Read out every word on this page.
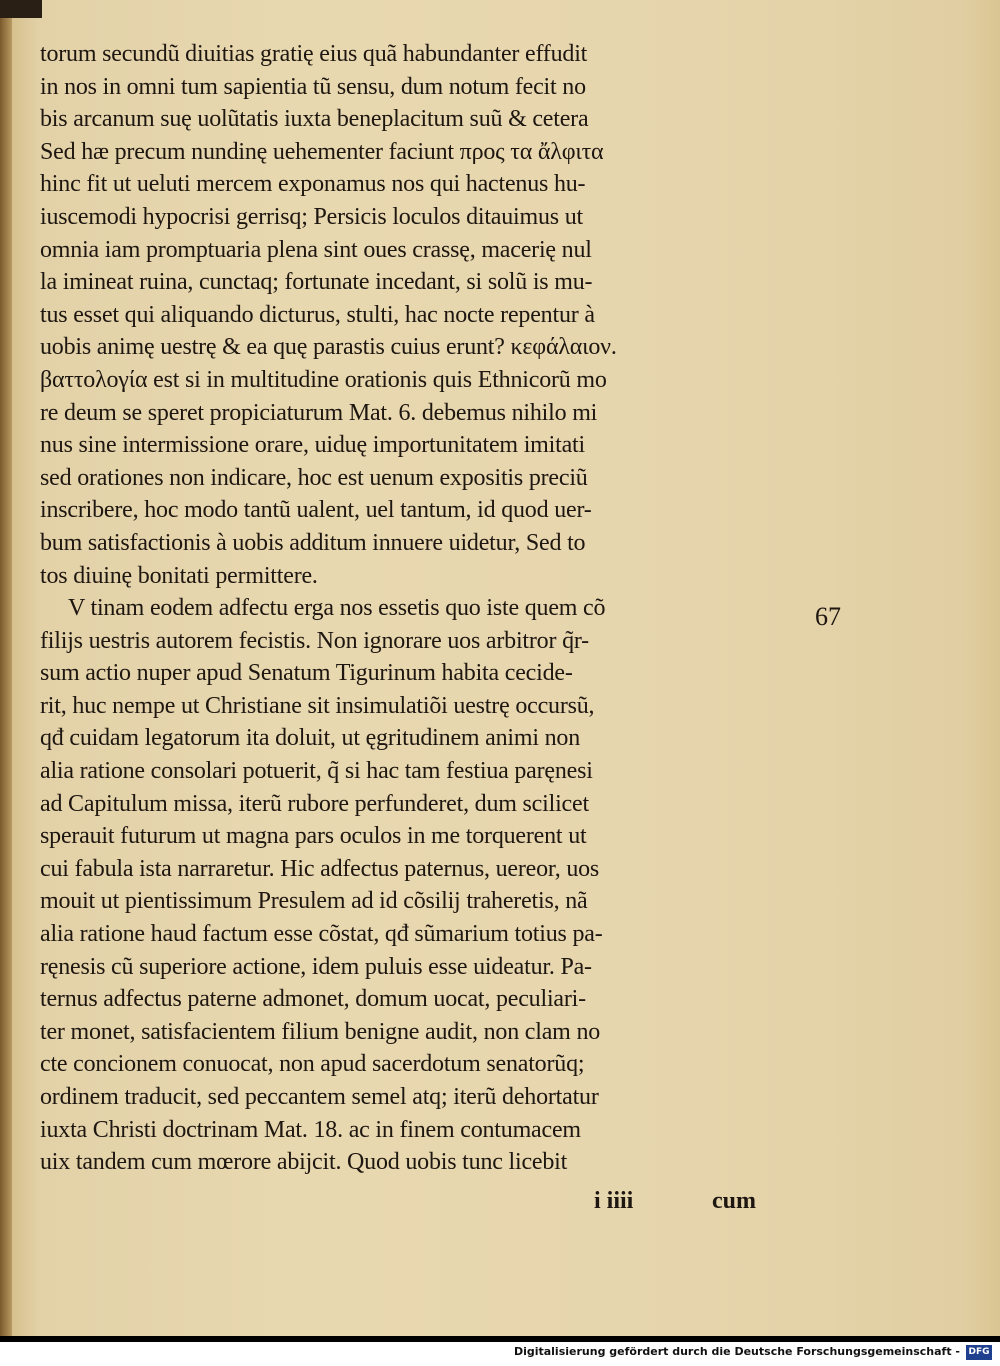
torum secundũ diuitias gratię eius quã habundanter effudit
in nos in omni tum sapientia tũ sensu, dum notum fecit no
bis arcanum suę uolũtatis iuxta beneplacitum suũ & cetera
Sed hæ precum nundinę uehementer faciunt προς τα ἄλφιτα
hinc fit ut ueluti mercem exponamus nos qui hactenus hu-
iuscemodi hypocrisi gerrisq; Persicis loculos ditauimus ut
omnia iam promptuaria plena sint oues crassę, macerię nul
la imineat ruina, cunctaq; fortunate incedant, si solũ is mu-
tus esset qui aliquando dicturus, stulti, hac nocte repentur à
uobis animę uestrę & ea quę parastis cuius erunt? κεφάλαιον.
βαττολογία est si in multitudine orationis quis Ethnicorũ mo
re deum se speret propiciaturum Mat. 6. debemus nihilo mi
nus sine intermissione orare, uiduę importunitatem imitati
sed orationes non indicare, hoc est uenum expositis preciũ
inscribere, hoc modo tantũ ualent, uel tantum, id quod uer-
bum satisfactionis à uobis additum innuere uidetur, Sed to
tos diuinę bonitati permittere.
V tinam eodem adfectu erga nos essetis quo iste quem cõ
filijs uestris autorem fecistis. Non ignorare uos arbitror q̃r-
sum actio nuper apud Senatum Tigurinum habita cecide-
rit, huc nempe ut Christiane sit insimulatiõi uestrę occursũ,
qđ cuidam legatorum ita doluit, ut ęgritudinem animi non
alia ratione consolari potuerit, q̃ si hac tam festiua paręnesi
ad Capitulum missa, iterũ rubore perfunderet, dum scilicet
sperauit futurum ut magna pars oculos in me torquerent ut
cui fabula ista narraretur. Hic adfectus paternus, uereor, uos
mouit ut pientissimum Presulem ad id cõsilij traheretis, nã
alia ratione haud factum esse cõstat, qđ sũmarium totius pa-
ręnesis cũ superiore actione, idem puluis esse uideatur. Pa-
ternus adfectus paterne admonet, domum uocat, peculiari-
ter monet, satisfacientem filium benigne audit, non clam no
cte concionem conuocat, non apud sacerdotum senatorũq;
ordinem traducit, sed peccantem semel atq; iterũ dehortatur
iuxta Christi doctrinam Mat. 18. ac in finem contumacem
uix tandem cum mœrore abijcit. Quod uobis tunc licebit
67
i iiii	cum
Digitalisierung gefördert durch die Deutsche Forschungsgemeinschaft - DFG
